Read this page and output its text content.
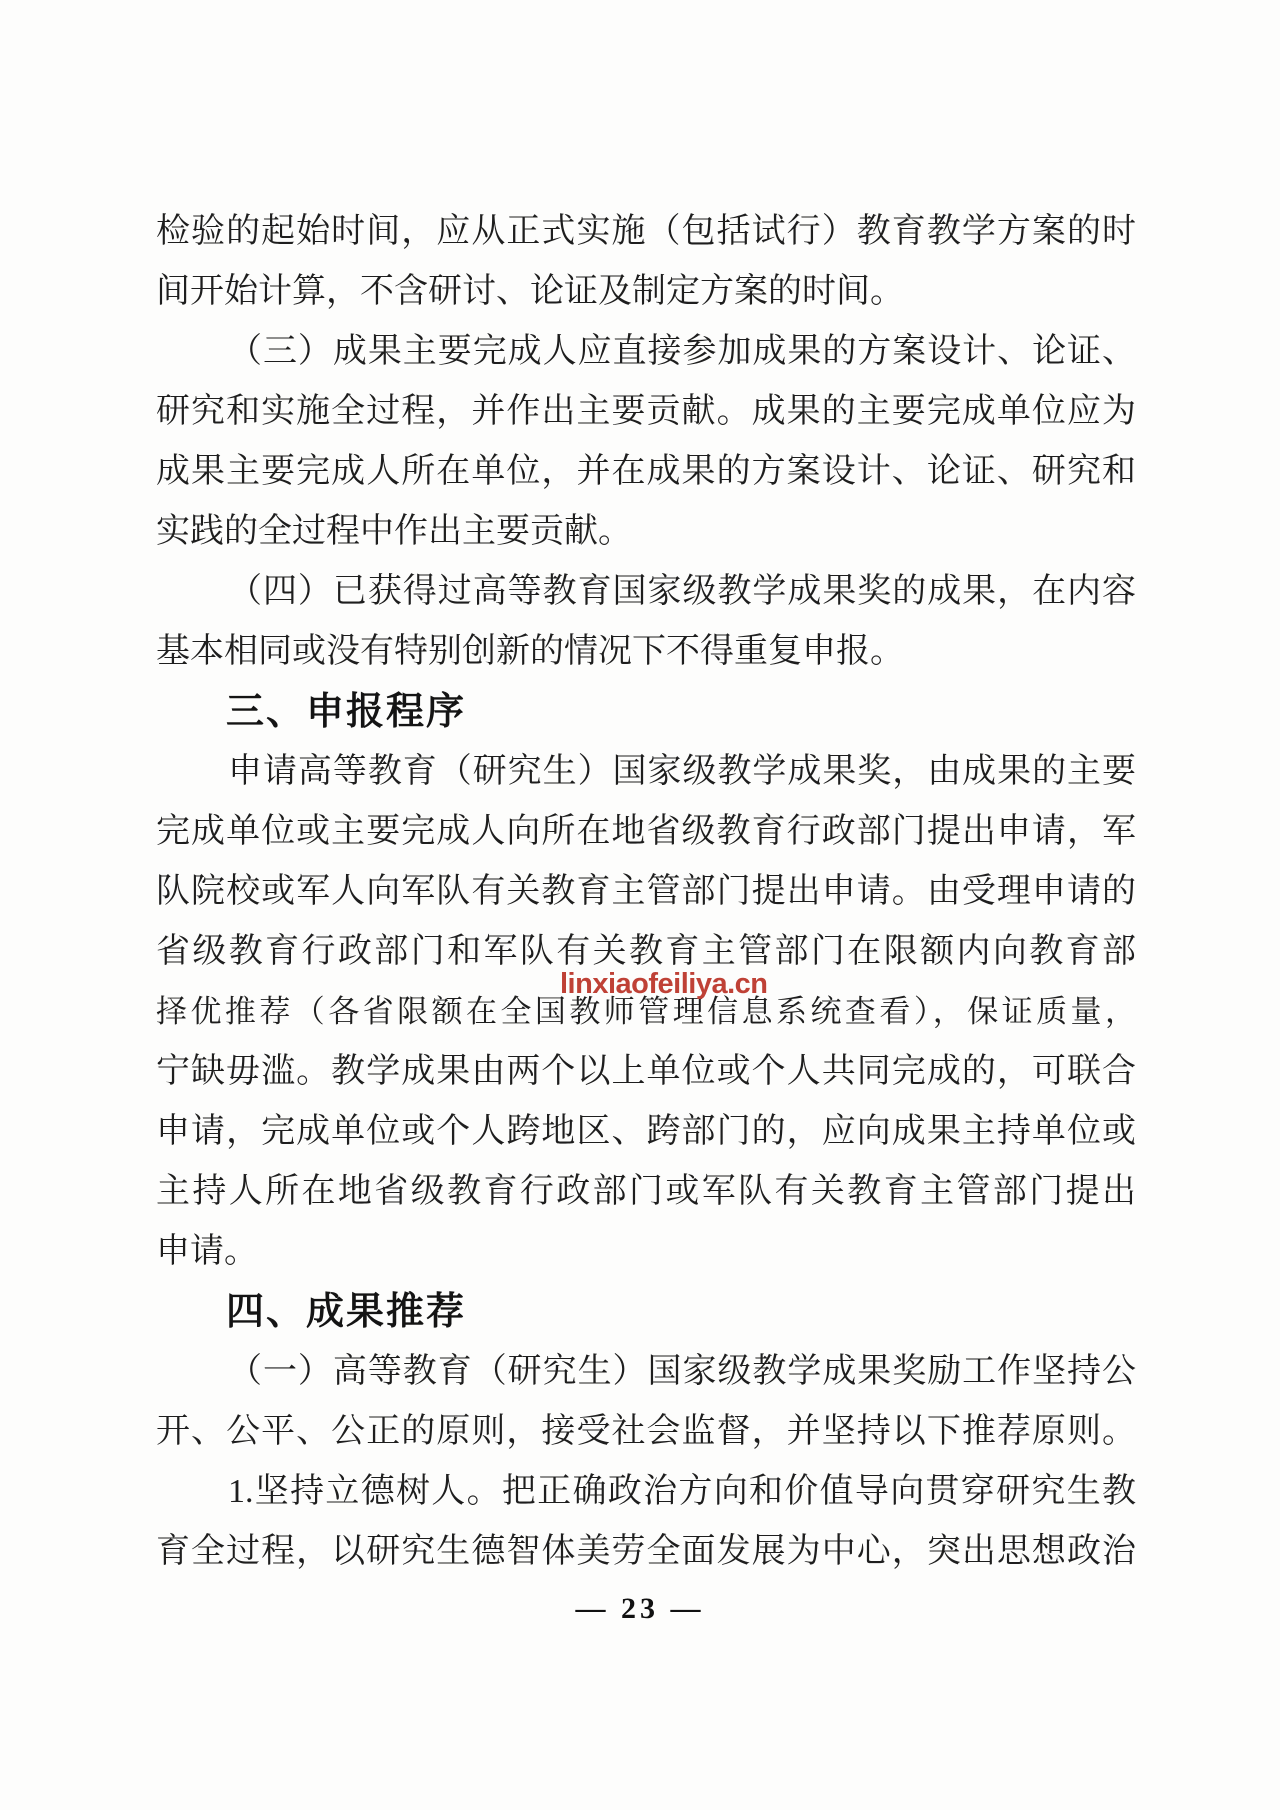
检验的起始时间，应从正式实施（包括试行）教育教学方案的时
间开始计算，不含研讨、论证及制定方案的时间。
（三）成果主要完成人应直接参加成果的方案设计、论证、
研究和实施全过程，并作出主要贡献。成果的主要完成单位应为
成果主要完成人所在单位，并在成果的方案设计、论证、研究和
实践的全过程中作出主要贡献。
（四）已获得过高等教育国家级教学成果奖的成果，在内容
基本相同或没有特别创新的情况下不得重复申报。
三、申报程序
申请高等教育（研究生）国家级教学成果奖，由成果的主要
完成单位或主要完成人向所在地省级教育行政部门提出申请，军
队院校或军人向军队有关教育主管部门提出申请。由受理申请的
省级教育行政部门和军队有关教育主管部门在限额内向教育部
择优推荐（各省限额在全国教师管理信息系统查看），保证质量，
宁缺毋滥。教学成果由两个以上单位或个人共同完成的，可联合
申请，完成单位或个人跨地区、跨部门的，应向成果主持单位或
主持人所在地省级教育行政部门或军队有关教育主管部门提出
申请。
四、成果推荐
（一）高等教育（研究生）国家级教学成果奖励工作坚持公
开、公平、公正的原则，接受社会监督，并坚持以下推荐原则。
1.坚持立德树人。把正确政治方向和价值导向贯穿研究生教
育全过程，以研究生德智体美劳全面发展为中心，突出思想政治
linxiaofeiliya.cn
— 23 —
